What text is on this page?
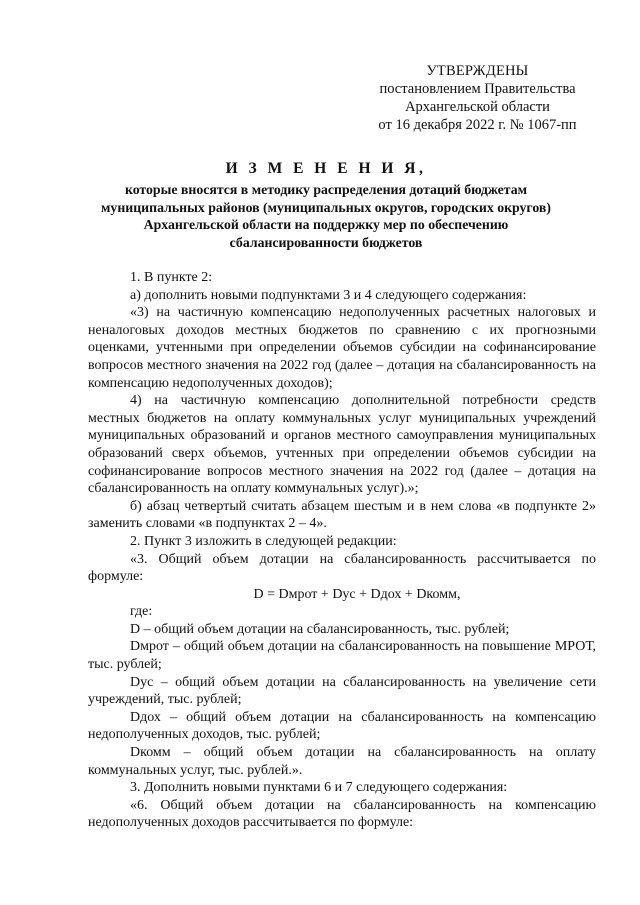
УТВЕРЖДЕНЫ
постановлением Правительства
Архангельской области
от 16 декабря 2022 г. № 1067-пп
И З М Е Н Е Н И Я,
которые вносятся в методику распределения дотаций бюджетам муниципальных районов (муниципальных округов, городских округов) Архангельской области на поддержку мер по обеспечению сбалансированности бюджетов

1. В пункте 2:

а) дополнить новыми подпунктами 3 и 4 следующего содержания:

«3) на частичную компенсацию недополученных расчетных налоговых и неналоговых доходов местных бюджетов по сравнению с их прогнозными оценками, учтенными при определении объемов субсидии на софинансирование вопросов местного значения на 2022 год (далее – дотация на сбалансированность на компенсацию недополученных доходов);

4) на частичную компенсацию дополнительной потребности средств местных бюджетов на оплату коммунальных услуг муниципальных учреждений муниципальных образований и органов местного самоуправления муниципальных образований сверх объемов, учтенных при определении объемов субсидии на софинансирование вопросов местного значения на 2022 год (далее – дотация на сбалансированность на оплату коммунальных услуг).»;

б) абзац четвертый считать абзацем шестым и в нем слова «в подпункте 2» заменить словами «в подпунктах 2 – 4».

2. Пункт 3 изложить в следующей редакции:

«3. Общий объем дотации на сбалансированность рассчитывается по формуле:

D = Dмрот + Dус + Dдох + Dкомм,

где:

D – общий объем дотации на сбалансированность, тыс. рублей;

Dмрот – общий объем дотации на сбалансированность на повышение МРОТ, тыс. рублей;

Dус – общий объем дотации на сбалансированность на увеличение сети учреждений, тыс. рублей;

Dдох – общий объем дотации на сбалансированность на компенсацию недополученных доходов, тыс. рублей;

Dкомм – общий объем дотации на сбалансированность на оплату коммунальных услуг, тыс. рублей.».

3. Дополнить новыми пунктами 6 и 7 следующего содержания:

«6. Общий объем дотации на сбалансированность на компенсацию недополученных доходов рассчитывается по формуле:
